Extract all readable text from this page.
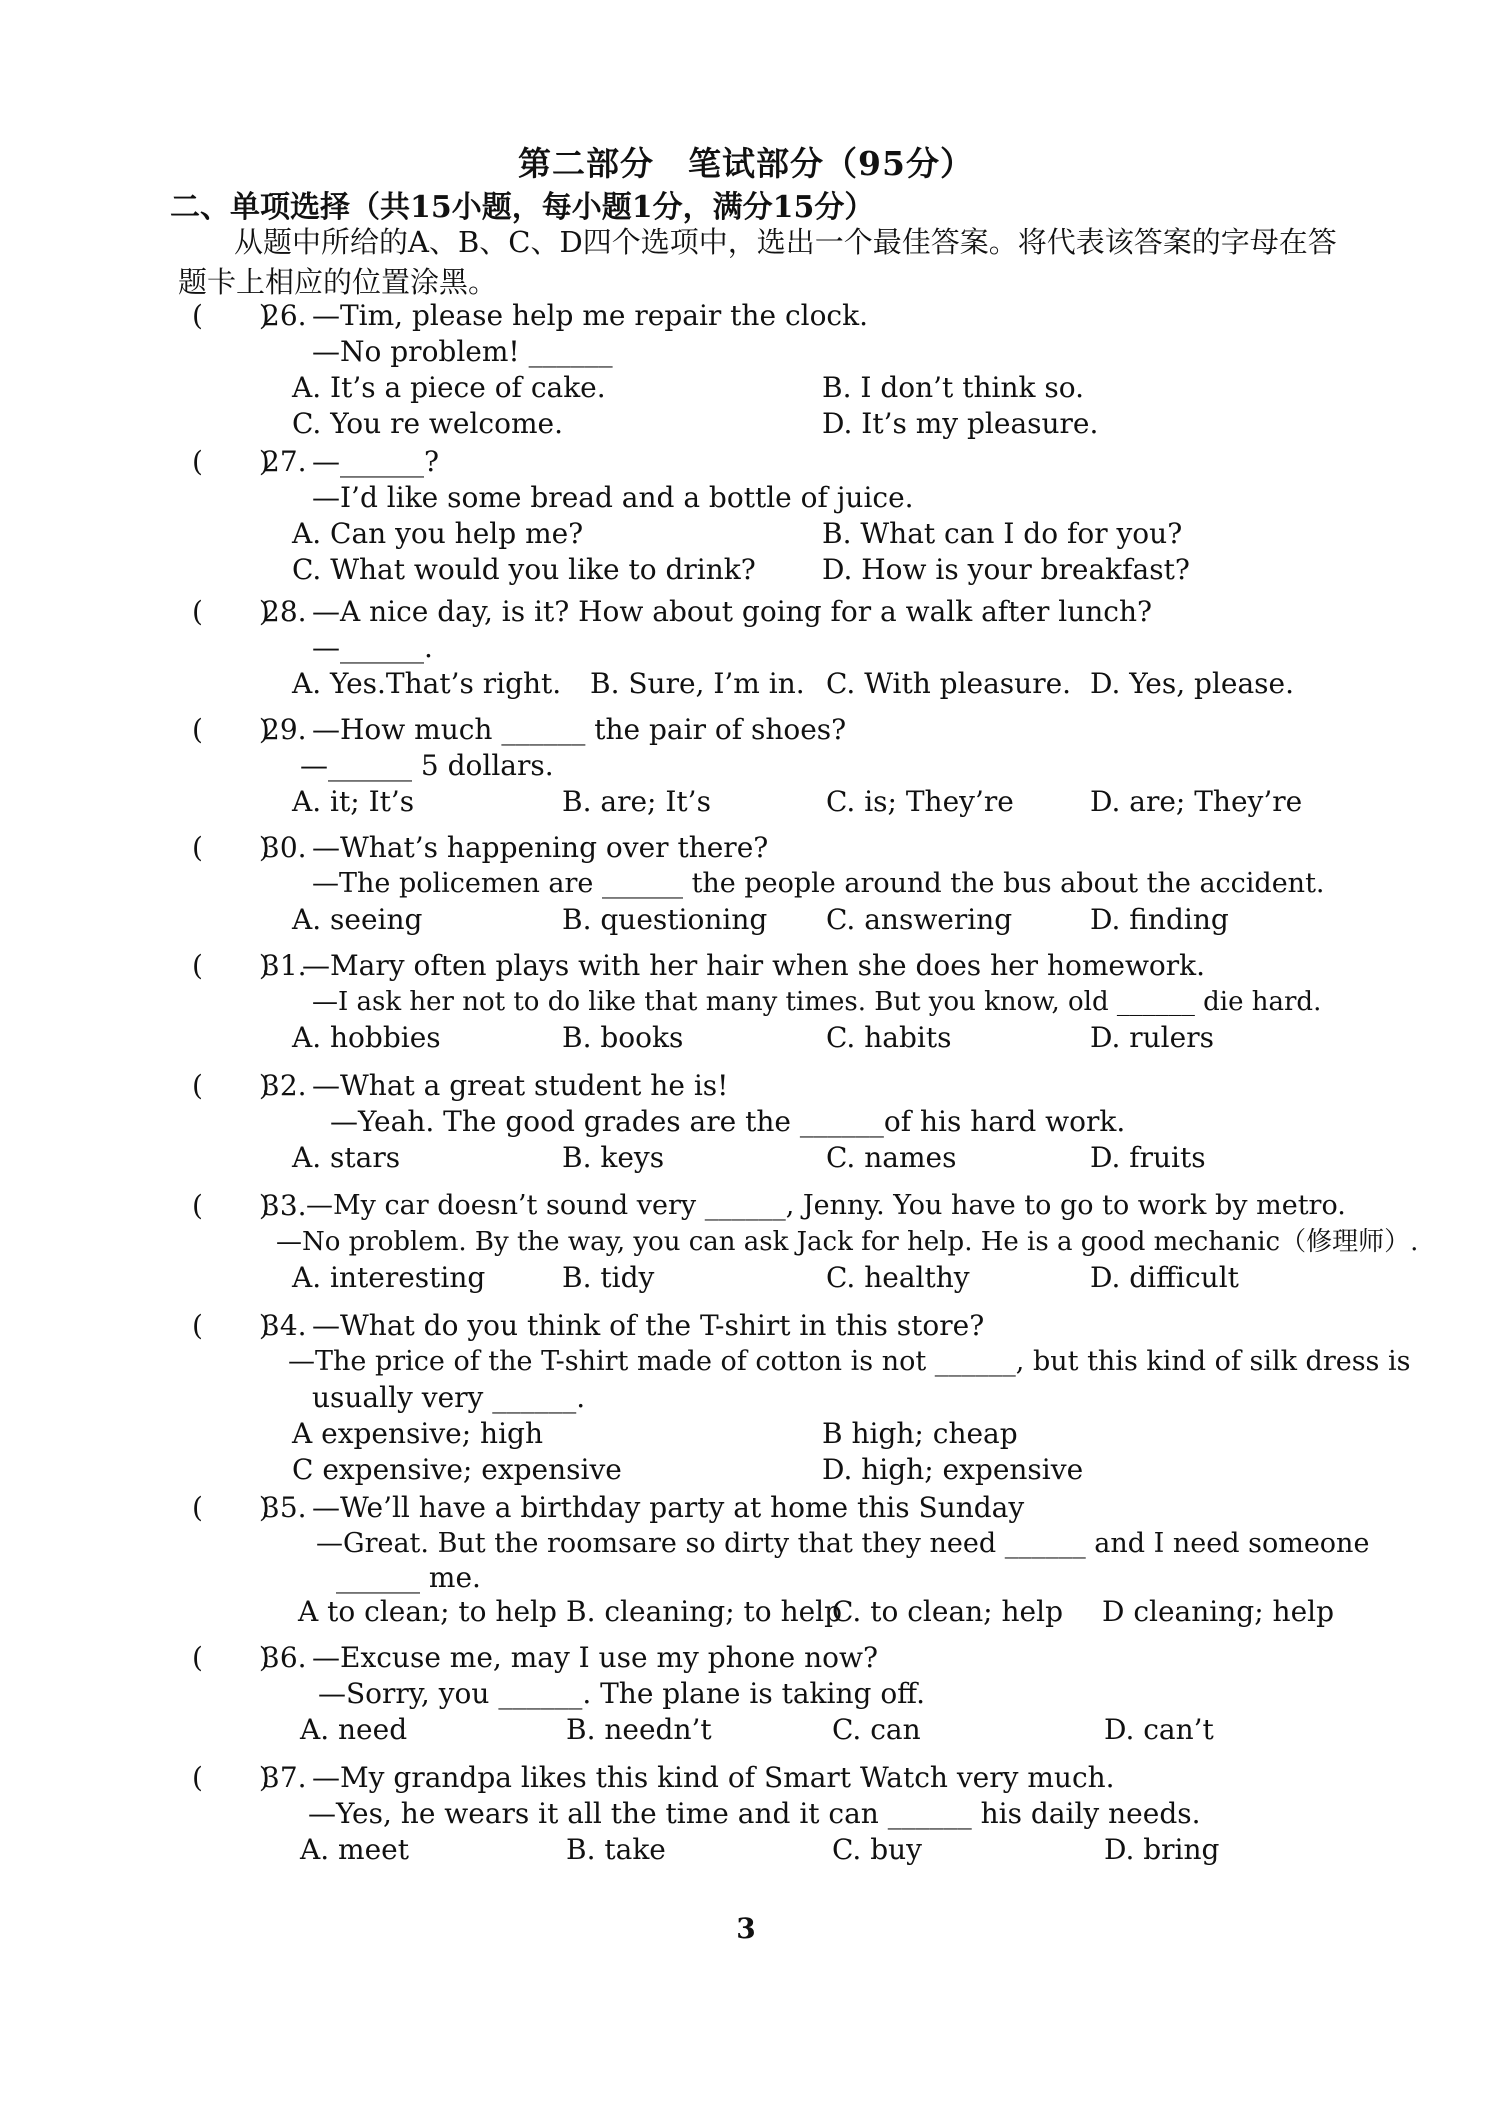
第二部分　笔试部分（95分）
二、单项选择（共15小题，每小题1分，满分15分）
从题中所给的A、B、C、D四个选项中，选出一个最佳答案。将代表该答案的字母在答题卡上相应的位置涂黑。
(　　)
26. —Tim, please help me repair the clock.
—No problem! ______
A. It’s a piece of cake.	B. I don’t think so.
C. You re welcome.	D. It’s my pleasure.
(　　)
27. —______?
—I’d like some bread and a bottle of juice.
A. Can you help me?	B. What can I do for you?
C. What would you like to drink? D. How is your breakfast?
(　　)
28. —A nice day, is it? How about going for a walk after lunch?
—______.
A. Yes.That’s right. B. Sure, I’m in. C. With pleasure. D. Yes, please.
(　　)
29. —How much ______ the pair of shoes?
—______ 5 dollars.
A. it; It’s	B. are; It’s	C. is; They’re	D. are; They’re
(　　)
30. —What’s happening over there?
—The policemen are ______ the people around the bus about the accident.
A. seeing	B. questioning C. answering	D. finding
(　　)
31.
—Mary often plays with her hair when she does her homework.
—I ask her not to do like that many times. But you know, old ______ die hard.
A. hobbies	B. books	C. habits	D. rulers
(　　)
32. —What a great student he is!
—Yeah. The good grades are the ______of his hard work.
A. stars	B. keys	C. names	D. fruits
(　　)
33. —My car doesn’t sound very ______, Jenny. You have to go to work by metro.
—No problem. By the way, you can ask Jack for help. He is a good mechanic（修理师）.
A. interesting	B. tidy	C. healthy	D. difficult
(　　)
34. —What do you think of the T-shirt in this store?
—The price of the T-shirt made of cotton is not ______, but this kind of silk dress is
usually very ______.
A expensive; high	B high; cheap
C expensive; expensive	D. high; expensive
(　　)
35. —We’ll have a birthday party at home this Sunday
—Great. But the roomsare so dirty that they need ______ and I need someone
______ me.
A to clean; to help B. cleaning; to help
C. to clean; help D cleaning; help
(　　)
36. —Excuse me, may I use my phone now?
—Sorry, you ______. The plane is taking off.
A. need	B. needn’t	C. can	D. can’t
(　　)
37. —My grandpa likes this kind of Smart Watch very much.
—Yes, he wears it all the time and it can ______ his daily needs.
A. meet	B. take	C. buy	D. bring
3
